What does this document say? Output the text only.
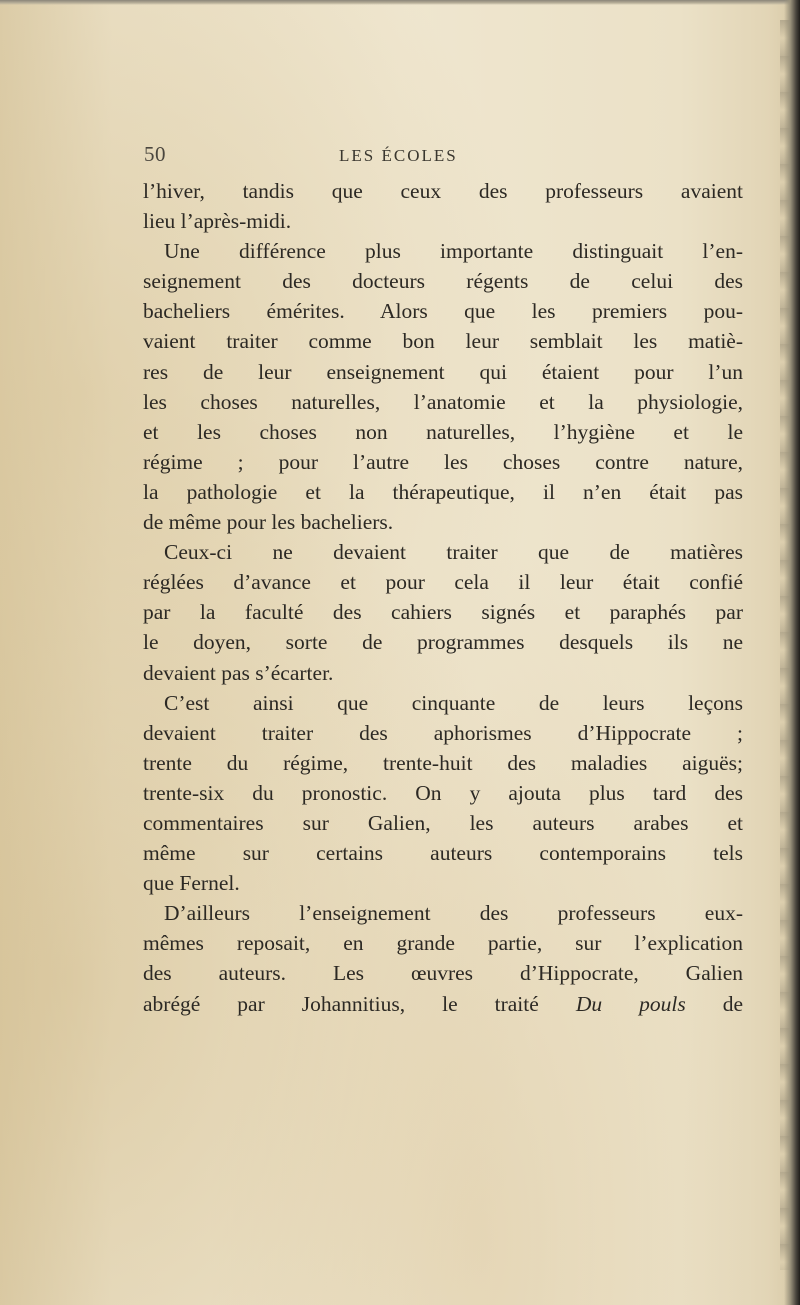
50	LES ÉCOLES
l’hiver, tandis que ceux des professeurs avaient
lieu l’après-midi.
Une différence plus importante distinguait l’en-
seignement des docteurs régents de celui des
bacheliers émérites. Alors que les premiers pou-
vaient traiter comme bon leur semblait les matiè-
res de leur enseignement qui étaient pour l’un
les choses naturelles, l’anatomie et la physiologie,
et les choses non naturelles, l’hygiène et le
régime ; pour l’autre les choses contre nature,
la pathologie et la thérapeutique, il n’en était pas
de même pour les bacheliers.
Ceux-ci ne devaient traiter que de matières
réglées d’avance et pour cela il leur était confié
par la faculté des cahiers signés et paraphés par
le doyen, sorte de programmes desquels ils ne
devaient pas s’écarter.
C’est ainsi que cinquante de leurs leçons
devaient traiter des aphorismes d’Hippocrate ;
trente du régime, trente-huit des maladies aiguës;
trente-six du pronostic. On y ajouta plus tard des
commentaires sur Galien, les auteurs arabes et
même sur certains auteurs contemporains tels
que Fernel.
D’ailleurs l’enseignement des professeurs eux-
mêmes reposait, en grande partie, sur l’explication
des auteurs. Les œuvres d’Hippocrate, Galien
abrégé par Johannitius, le traité Du pouls de
